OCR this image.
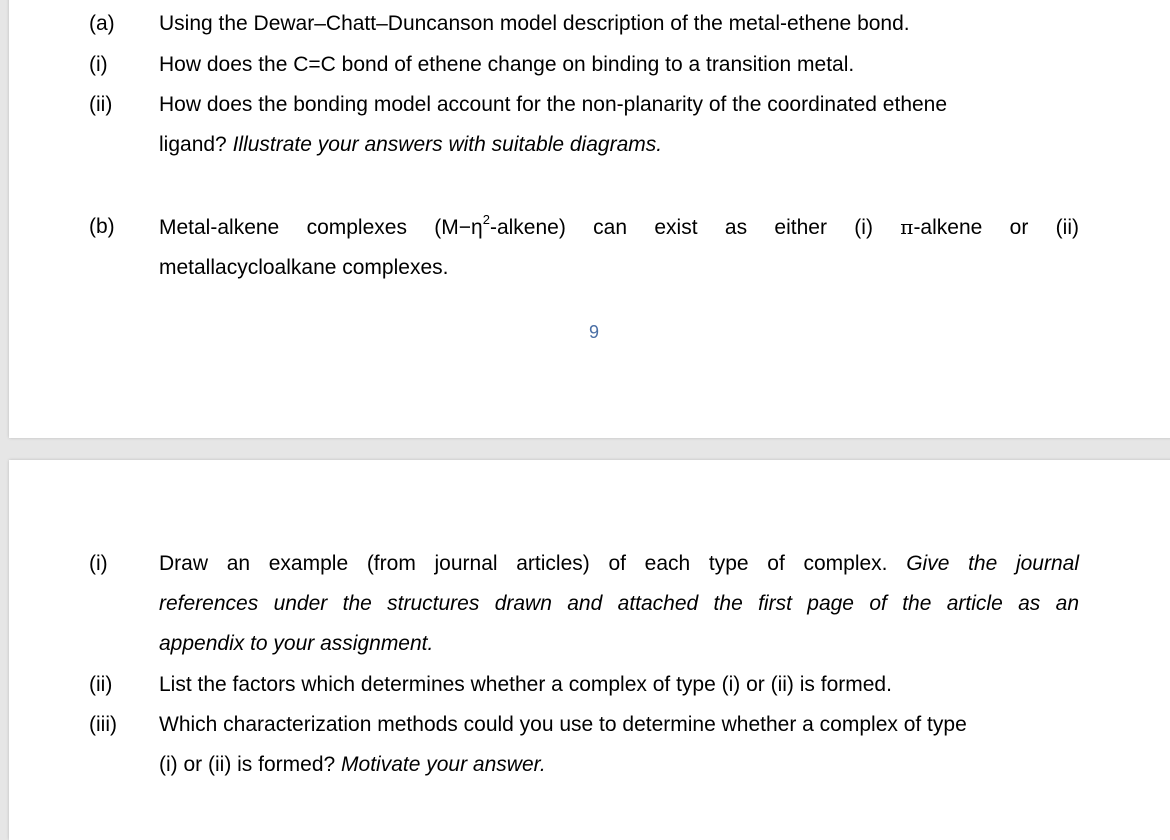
(a) Using the Dewar–Chatt–Duncanson model description of the metal-ethene bond.
(i) How does the C=C bond of ethene change on binding to a transition metal.
(ii) How does the bonding model account for the non-planarity of the coordinated ethene
ligand? Illustrate your answers with suitable diagrams.
(b) Metal-alkene complexes $(M-\eta^2-alkene)$ can exist as either (i) π-alkene or (ii)
metallacycloalkane complexes.
9
(i) Draw an example (from journal articles) of each type of complex. Give the journal
references under the structures drawn and attached the first page of the article as an
appendix to your assignment.
(ii) List the factors which determines whether a complex of type (i) or (ii) is formed.
(iii) Which characterization methods could you use to determine whether a complex of type
(i) or (ii) is formed? Motivate your answer.
